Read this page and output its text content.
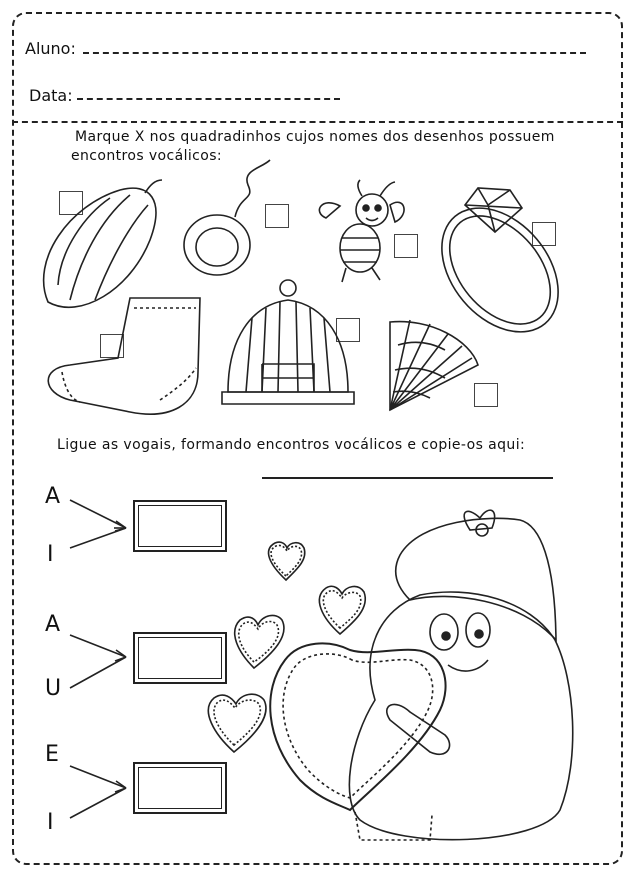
Aluno:
Data:
Marque X nos quadradinhos cujos nomes dos desenhos possuem
encontros vocálicos:
Ligue as vogais, formando encontros vocálicos e copie-os aqui:
A
I
A
U
E
I
